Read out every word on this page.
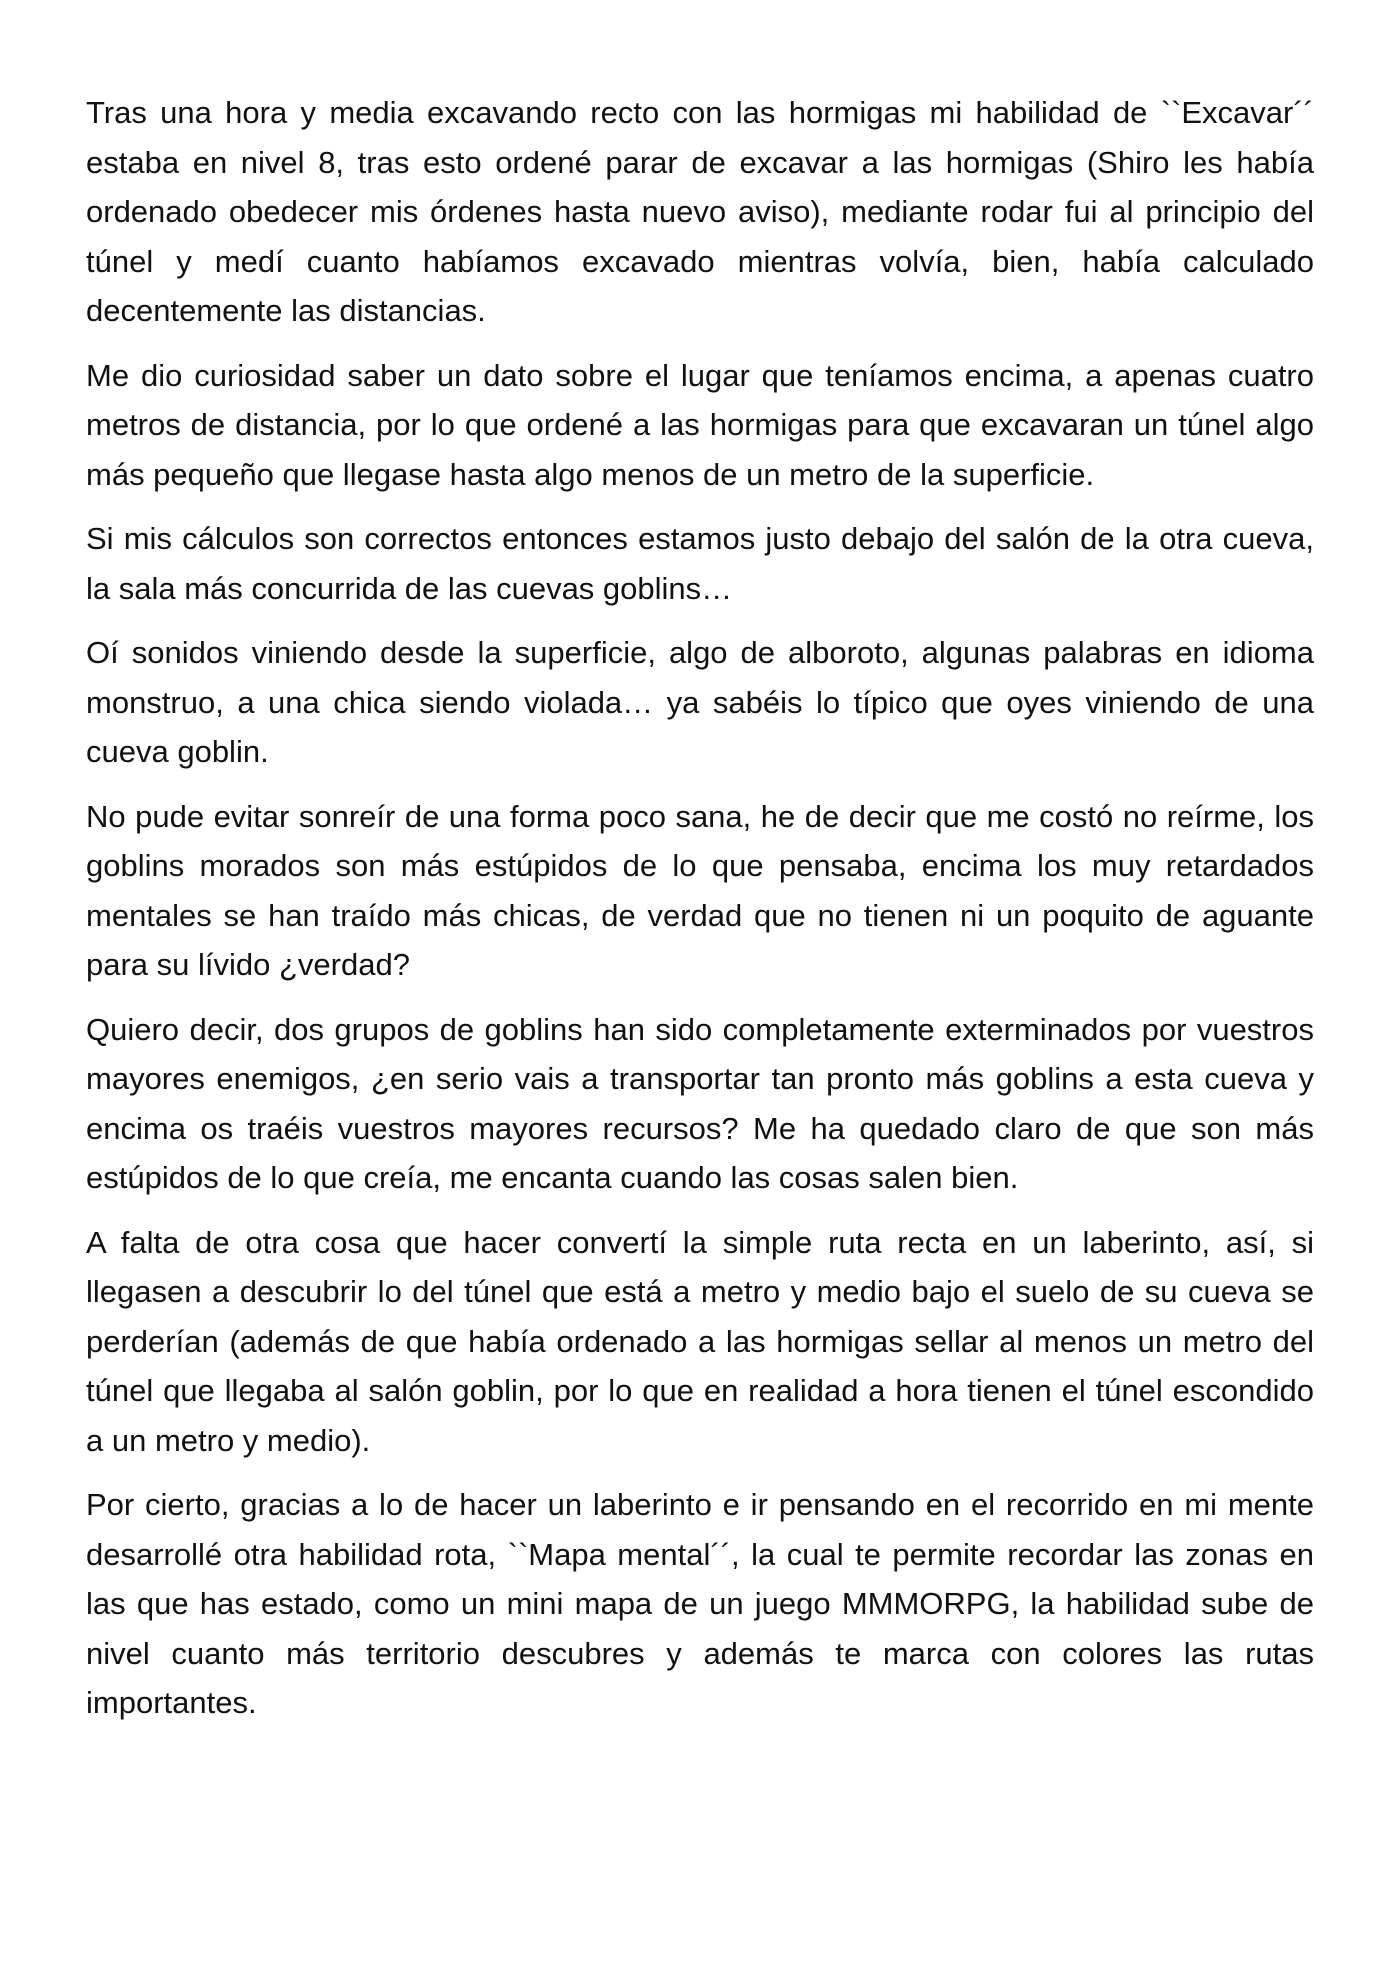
Tras una hora y media excavando recto con las hormigas mi habilidad de ``Excavar´´ estaba en nivel 8, tras esto ordené parar de excavar a las hormigas (Shiro les había ordenado obedecer mis órdenes hasta nuevo aviso), mediante rodar fui al principio del túnel y medí cuanto habíamos excavado mientras volvía, bien, había calculado decentemente las distancias.

Me dio curiosidad saber un dato sobre el lugar que teníamos encima, a apenas cuatro metros de distancia, por lo que ordené a las hormigas para que excavaran un túnel algo más pequeño que llegase hasta algo menos de un metro de la superficie.

Si mis cálculos son correctos entonces estamos justo debajo del salón de la otra cueva, la sala más concurrida de las cuevas goblins…

Oí sonidos viniendo desde la superficie, algo de alboroto, algunas palabras en idioma monstruo, a una chica siendo violada… ya sabéis lo típico que oyes viniendo de una cueva goblin.

No pude evitar sonreír de una forma poco sana, he de decir que me costó no reírme, los goblins morados son más estúpidos de lo que pensaba, encima los muy retardados mentales se han traído más chicas, de verdad que no tienen ni un poquito de aguante para su lívido ¿verdad?

Quiero decir, dos grupos de goblins han sido completamente exterminados por vuestros mayores enemigos, ¿en serio vais a transportar tan pronto más goblins a esta cueva y encima os traéis vuestros mayores recursos? Me ha quedado claro de que son más estúpidos de lo que creía, me encanta cuando las cosas salen bien.

A falta de otra cosa que hacer convertí la simple ruta recta en un laberinto, así, si llegasen a descubrir lo del túnel que está a metro y medio bajo el suelo de su cueva se perderían (además de que había ordenado a las hormigas sellar al menos un metro del túnel que llegaba al salón goblin, por lo que en realidad a hora tienen el túnel escondido a un metro y medio).

Por cierto, gracias a lo de hacer un laberinto e ir pensando en el recorrido en mi mente desarrollé otra habilidad rota, ``Mapa mental´´, la cual te permite recordar las zonas en las que has estado, como un mini mapa de un juego MMMORPG, la habilidad sube de nivel cuanto más territorio descubres y además te marca con colores las rutas importantes.
